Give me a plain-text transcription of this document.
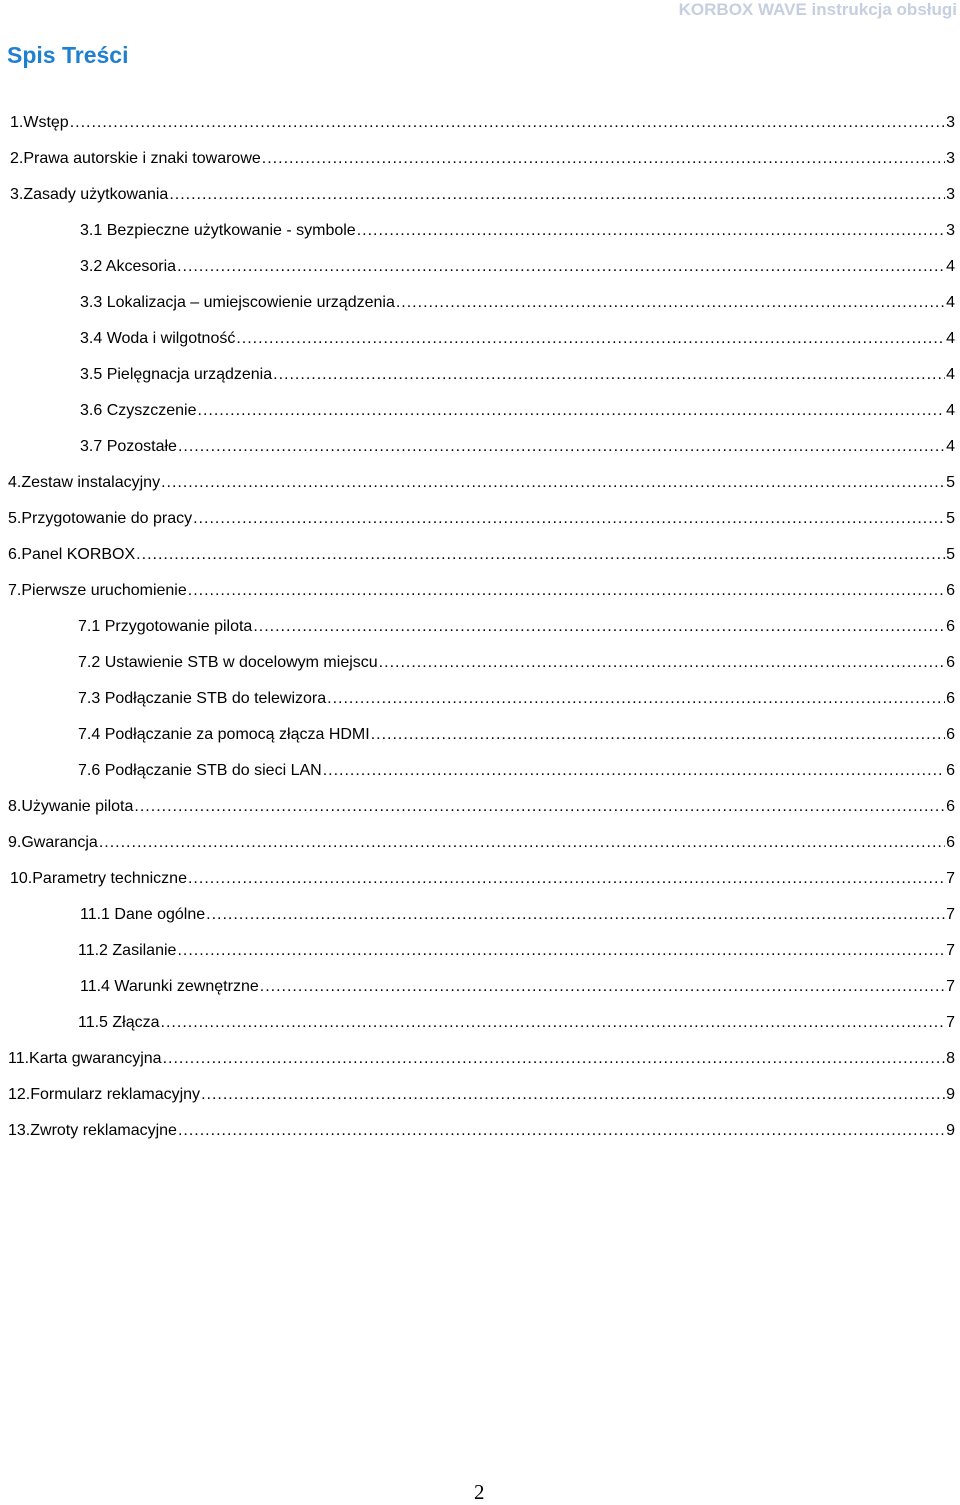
KORBOX WAVE instrukcja obsługi
Spis Treści
1.Wstęp .....	3
2.Prawa autorskie i znaki towarowe .....	3
3.Zasady użytkowania .....	3
3.1 Bezpieczne użytkowanie - symbole .....	3
3.2 Akcesoria .....	4
3.3 Lokalizacja – umiejscowienie urządzenia .....	4
3.4 Woda i wilgotność .....	4
3.5 Pielęgnacja urządzenia .....	4
3.6 Czyszczenie .....	4
3.7 Pozostałe .....	4
4.Zestaw instalacyjny .....	5
5.Przygotowanie do pracy .....	5
6.Panel KORBOX .....	5
7.Pierwsze uruchomienie .....	6
7.1 Przygotowanie pilota .....	6
7.2 Ustawienie STB w docelowym miejscu .....	6
7.3 Podłączanie STB do telewizora .....	6
7.4 Podłączanie za pomocą złącza HDMI .....	6
7.6 Podłączanie STB do sieci LAN .....	6
8.Używanie pilota .....	6
9.Gwarancja .....	6
10.Parametry techniczne .....	7
11.1 Dane ogólne .....	7
11.2 Zasilanie .....	7
11.4 Warunki zewnętrzne .....	7
11.5 Złącza .....	7
11.Karta gwarancyjna .....	8
12.Formularz reklamacyjny .....	9
13.Zwroty reklamacyjne .....	9
2
